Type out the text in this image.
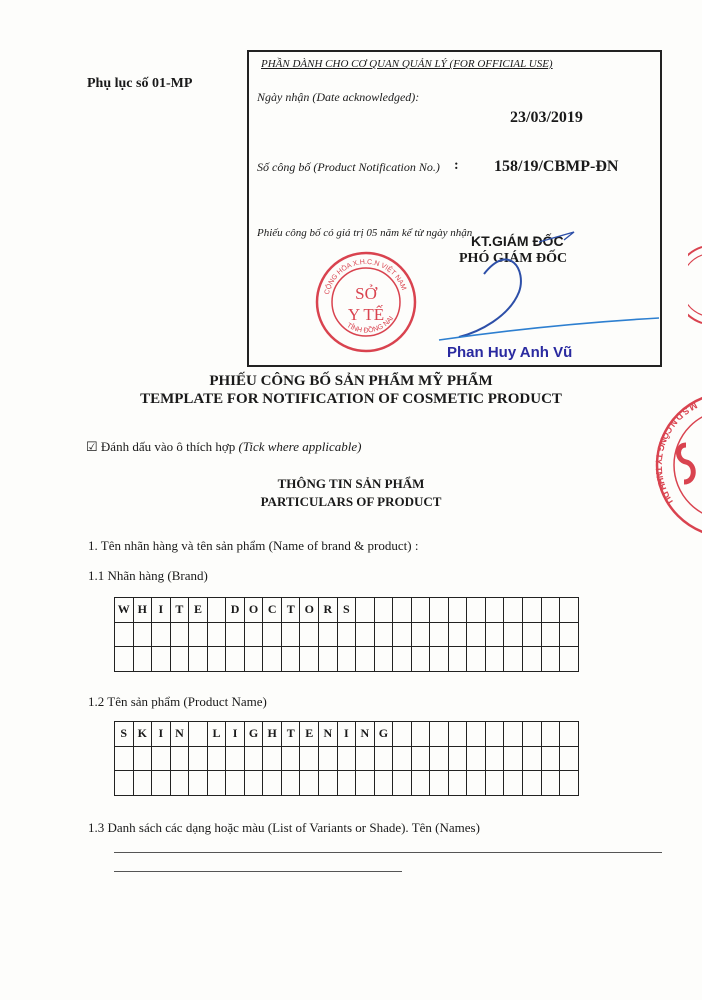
Phụ lục số 01-MP
PHẦN DÀNH CHO CƠ QUAN QUẢN LÝ (FOR OFFICIAL USE)
Ngày nhận (Date acknowledged):
23/03/2019
Số công bố (Product Notification No.) : 158/19/CBMP-ĐN
Phiếu công bố có giá trị 05 năm kể từ ngày nhận
CỘNG HÒA X.H.C.N VIỆT NAM
TỈNH ĐỒNG NAI
SỞ
Y TẾ
KT.GIÁM ĐỐC
PHÓ GIÁM ĐỐC
Phan Huy Anh Vũ
M.S.D.N CÔNG TY TNHH DU
PHIẾU CÔNG BỐ SẢN PHẨM MỸ PHẨM
TEMPLATE FOR NOTIFICATION OF COSMETIC PRODUCT
☑ Đánh dấu vào ô thích hợp (Tick where applicable)
THÔNG TIN SẢN PHẨM
PARTICULARS OF PRODUCT
1. Tên nhãn hàng và tên sản phẩm (Name of brand & product) :
1.1 Nhãn hàng (Brand)
W H I	T E	D O C T O R S
1.2 Tên sản phẩm (Product Name)
S K I N	L	I G H T E N I N G
1.3 Danh sách các dạng hoặc màu (List of Variants or Shade). Tên (Names)
